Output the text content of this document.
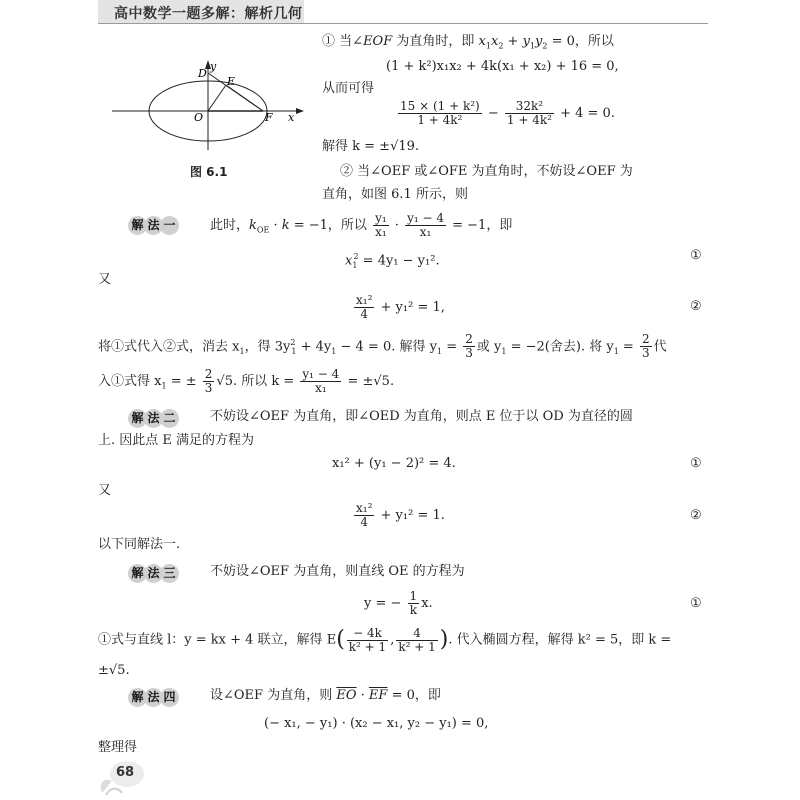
高中数学一题多解：解析几何
y
D
E
O	F x
图 6.1
① 当∠EOF 为直角时，即 $x_1x_2 + y_1y_2 = 0$，所以
(1 + k²)x₁x₂ + 4k(x₁ + x₂) + 16 = 0,
从而可得
$\frac{\text{15 × (1 + k²)}}{\text{1 + 4k²}} - \frac{\text{32k²}}{\text{1 + 4k²}} + 4 = 0$.
解得 k = ±√19.
② 当∠OEF 或∠OFE 为直角时，不妨设∠OEF 为
直角，如图 6.1 所示，则
解 法 一	此时，$k_{OE} \cdot k = -1$，所以 $\frac{\text{y₁}}{\text{x₁}} \cdot \frac{\text{y₁ − 4}}{\text{x₁}} = -1$，即
$x_1^2 = 4y_1 - y_1^2$.	①
又
$\frac{\text{x₁²}}{4} + y_1^2 = 1$,	②
将①式代入②式，消去 $x_1$，得 $3y^2_1 + 4y_1 - 4 = 0$. 解得 $y_1 = \frac{2}{3}$ 或 $y_1 = -2$(舍去). 将 $y_1 = \frac{2}{3}$ 代
入①式得 $x_1$ = ± $\frac{2}{3} √5$. 所以 $k = \frac{\text{y₁ − 4}}{\text{x₁}} = \pm√5$.
解 法 二	不妨设∠OEF 为直角，即∠OED 为直角，则点 E 位于以 OD 为直径的圆
上. 因此点 E 满足的方程为
x₁² + (y₁ − 2)² = 4.	①
又
$\frac{\text{x₁²}}{4} + y_1^2 = 1$.	②
以下同解法一.
解 法 三	不妨设∠OEF 为直角，则直线 OE 的方程为
y = − $\frac{1}{k} x$.	①
①式与直线 l：y = kx + 4 联立，解得 $E( \frac{- 4k}{\text{k² + 1}}$ , $\frac{4}{\text{k² + 1}}$ ). 代入椭圆方程，解得 k² = 5，即 k =
±√5.
解 法 四	设∠OEF 为直角，则 $\overline{EO} \cdot \overline{EF} = 0$，即
(− x₁, − y₁) · (x₂ − x₁, y₂ − y₁) = 0,
整理得
68
